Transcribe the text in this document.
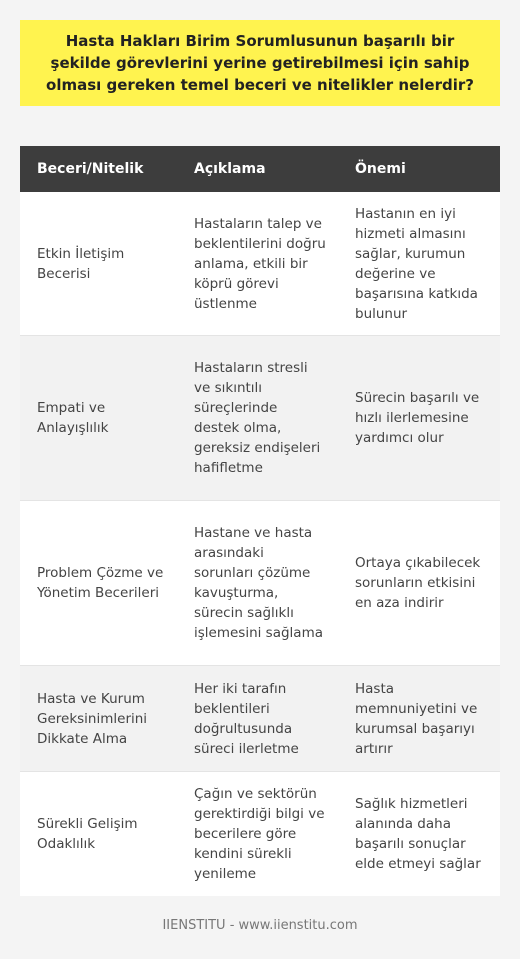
Hasta Hakları Birim Sorumlusunun başarılı bir şekilde görevlerini yerine getirebilmesi için sahip olması gereken temel beceri ve nitelikler nelerdir?
Beceri/Nitelik	Açıklama	Önemi
Etkin İletişim Becerisi
Hastaların talep ve beklentilerini doğru anlama, etkili bir köprü görevi üstlenme
Hastanın en iyi hizmeti almasını sağlar, kurumun değerine ve başarısına katkıda bulunur
Empati ve Anlayışlılık
Hastaların stresli ve sıkıntılı süreçlerinde destek olma, gereksiz endişeleri hafifletme
Sürecin başarılı ve hızlı ilerlemesine yardımcı olur
Problem Çözme ve Yönetim Becerileri
Hastane ve hasta arasındaki sorunları çözüme kavuşturma, sürecin sağlıklı işlemesini sağlama
Ortaya çıkabilecek sorunların etkisini en aza indirir
Hasta ve Kurum Gereksinimlerini Dikkate Alma
Her iki tarafın beklentileri doğrultusunda süreci ilerletme
Hasta memnuniyetini ve kurumsal başarıyı artırır
Sürekli Gelişim Odaklılık
Çağın ve sektörün gerektirdiği bilgi ve becerilere göre kendini sürekli yenileme
Sağlık hizmetleri alanında daha başarılı sonuçlar elde etmeyi sağlar
IIENSTITU - www.iienstitu.com
